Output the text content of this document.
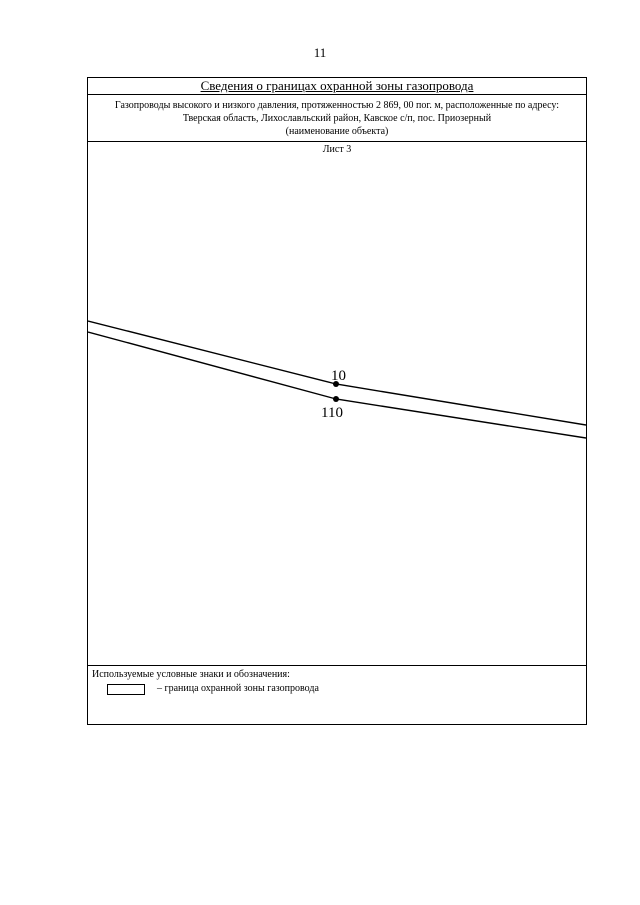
11
Сведения о границах охранной зоны газопровода
Газопроводы высокого и низкого давления, протяженностью 2 869, 00 пог. м, расположенные по адресу:
Тверская область, Лихославльский район, Кавское с/п, пос. Приозерный
(наименование объекта)
Лист 3
10
110
Используемые условные знаки и обозначения:
– граница охранной зоны газопровода
